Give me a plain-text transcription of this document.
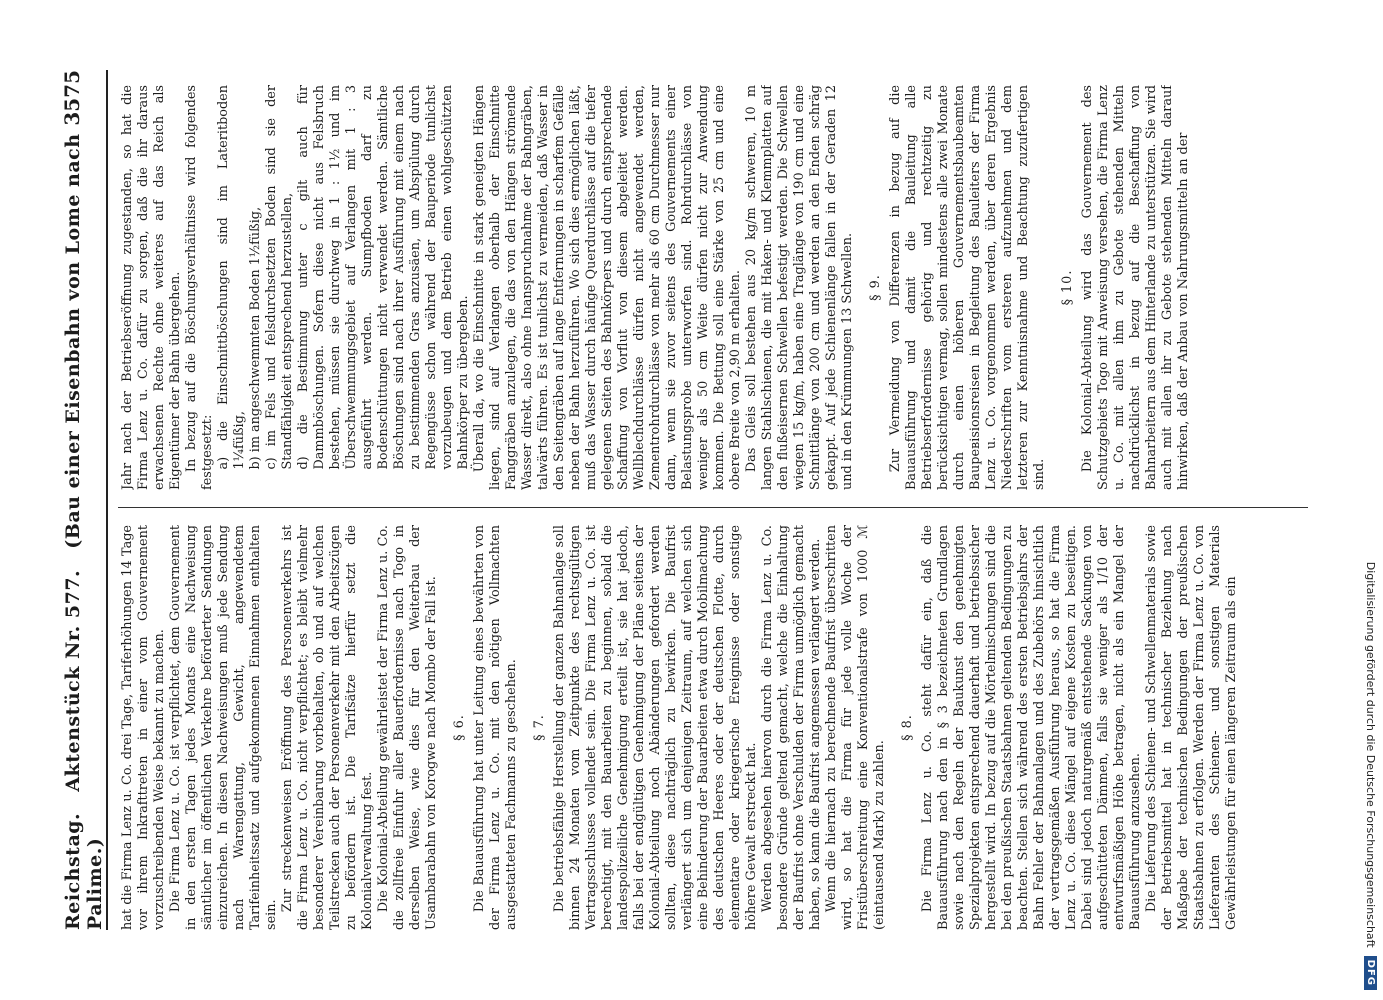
Reichstag. Aktenstück Nr. 577. (Bau einer Eisenbahn von Lome nach Palime.)
3575

hat die Firma Lenz u. Co. drei Tage, Tariferhöhungen 14 Tage vor ihrem Inkrafttreten in einer vom Gouvernement vorzuschreibenden Weise bekannt zu machen. Die Firma Lenz u. Co. ist verpflichtet, dem Gouvernement in den ersten Tagen jedes Monats eine Nachweisung sämtlicher im öffentlichen Verkehre beförderter Sendungen einzureichen. In diesen Nachweisungen muß jede Sendung nach Warengattung, Gewicht, angewendetem Tarifeinheitssatz und aufgekommenen Einnahmen enthalten sein.

Zur streckenweisen Eröffnung des Personenverkehrs ist die Firma Lenz u. Co. nicht verpflichtet; es bleibt vielmehr besonderer Vereinbarung vorbehalten, ob und auf welchen Teilstrecken auch der Personenverkehr mit den Arbeitszügen zu befördern ist. Die Tarifsätze hierfür setzt die Kolonialverwaltung fest. Die Kolonial-Abteilung gewährleistet der Firma Lenz u. Co. die zollfreie Einfuhr aller Bauerfordernisse nach Togo in derselben Weise, wie dies für den Weiterbau der Usambarabahn von Korogwe nach Mombo der Fall ist. § 6. Die Bauausführung hat unter Leitung eines bewährten von der Firma Lenz u. Co. mit den nötigen Vollmachten ausgestatteten Fachmanns zu geschehen. § 7. Die betriebsfähige Herstellung der ganzen Bahnanlage soll binnen 24 Monaten vom Zeitpunkte des rechtsgültigen Vertragsschlusses vollendet sein. Die Firma Lenz u. Co. ist berechtigt, mit den Bauarbeiten zu beginnen, sobald die landespolizeiliche Genehmigung erteilt ist, sie hat jedoch, falls bei der endgültigen Genehmigung der Pläne seitens der Kolonial-Abteilung noch Abänderungen gefordert werden sollten, diese nachträglich zu bewirken. Die Baufrist verlängert sich um denjenigen Zeitraum, auf welchen sich eine Behinderung der Bauarbeiten etwa durch Mobilmachung des deutschen Heeres oder der deutschen Flotte, durch elementare oder kriegerische Ereignisse oder sonstige höhere Gewalt erstreckt hat. Werden abgesehen hiervon durch die Firma Lenz u. Co. besondere Gründe geltend gemacht, welche die Einhaltung der Baufrist ohne Verschulden der Firma unmöglich gemacht haben, so kann die Baufrist angemessen verlängert werden. Wenn die hiernach zu berechnende Baufrist überschritten wird, so hat die Firma für jede volle Woche der Fristüberschreitung eine Konventionalstrafe von 1000 ℳ (eintausend Mark) zu zahlen.

§ 8. Die Firma Lenz u. Co. steht dafür ein, daß die Bauausführung nach den in § 3 bezeichneten Grundlagen sowie nach den Regeln der Baukunst den genehmigten Spezialprojekten entsprechend dauerhaft und betriebssicher hergestellt wird. In bezug auf die Mörtelmischungen sind die bei den preußischen Staatsbahnen geltenden Bedingungen zu beachten. Stellen sich während des ersten Betriebsjahrs der Bahn Fehler der Bahnanlagen und des Zubehörs hinsichtlich der vertragsgemäßen Ausführung heraus, so hat die Firma Lenz u. Co. diese Mängel auf eigene Kosten zu beseitigen. Dabei sind jedoch naturgemäß entstehende Sackungen von aufgeschütteten Dämmen, falls sie weniger als 1/10 der entwurfsmäßigen Höhe betragen, nicht als ein Mangel der Bauausführung anzusehen. Die Lieferung des Schienen- und Schwellenmaterials sowie der Betriebsmittel hat in technischer Beziehung nach Maßgabe der technischen Bedingungen der preußischen Staatsbahnen zu erfolgen. Werden der Firma Lenz u. Co. von Lieferanten des Schienen- und sonstigen Materials Gewährleistungen für einen längeren Zeitraum als ein

Jahr nach der Betriebseröffnung zugestanden, so hat die Firma Lenz u. Co. dafür zu sorgen, daß die ihr daraus erwachsenen Rechte ohne weiteres auf das Reich als Eigentümer der Bahn übergehen. In bezug auf die Böschungsverhältnisse wird folgendes festgesetzt: a) die Einschnittböschungen sind im Lateritboden 1¼füßig, b) im angeschwemmten Boden 1½füßig, c) im Fels und felsdurchsetzten Boden sind sie der Standfähigkeit entsprechend herzustellen, d) die Bestimmung unter c gilt auch für Dammböschungen. Sofern diese nicht aus Felsbruch bestehen, müssen sie durchweg in 1 : 1½ und im Überschwemmungsgebiet auf Verlangen mit 1 : 3 ausgeführt werden. Sumpfboden darf zu Bodenschüttungen nicht verwendet werden. Sämtliche Böschungen sind nach ihrer Ausführung mit einem nach zu bestimmenden Gras anzusäen, um Abspülung durch Regengüsse schon während der Bauperiode tunlichst vorzubeugen und dem Betrieb einen wohlgeschützten Bahnkörper zu übergeben. Überall da, wo die Einschnitte in stark geneigten Hängen liegen, sind auf Verlangen oberhalb der Einschnitte Fanggräben anzulegen, die das von den Hängen strömende Wasser direkt, also ohne Inanspruchnahme der Bahngräben, talwärts führen. Es ist tunlichst zu vermeiden, daß Wasser in den Seitengräben auf lange Entfernungen in scharfem Gefälle neben der Bahn herzuführen. Wo sich dies ermöglichen läßt, muß das Wasser durch häufige Querdurchlässe auf die tiefer gelegenen Seiten des Bahnkörpers und durch entsprechende Schaffung von Vorflut von diesem abgeleitet werden. Wellblechdurchlässe dürfen nicht angewendet werden, Zementrohrdurchlässe von mehr als 60 cm Durchmesser nur dann, wenn sie zuvor seitens des Gouvernements einer Belastungsprobe unterworfen sind. Rohrdurchlässe von weniger als 50 cm Weite dürfen nicht zur Anwendung kommen. Die Bettung soll eine Stärke von 25 cm und eine obere Breite von 2,90 m erhalten. Das Gleis soll bestehen aus 20 kg/m schweren, 10 m langen Stahlschienen, die mit Haken- und Klemmplatten auf den flußeisernen Schwellen befestigt werden. Die Schwellen wiegen 15 kg/m, haben eine Traglänge von 190 cm und eine Schnittlänge von 200 cm und werden an den Enden schräg gekappt. Auf jede Schienenlänge fallen in der Geraden 12 und in den Krümmungen 13 Schwellen. § 9. Zur Vermeidung von Differenzen in bezug auf die Bauausführung und damit die Bauleitung alle Betriebserfordernisse gehörig und rechtzeitig zu berücksichtigen vermag, sollen mindestens alle zwei Monate durch einen höheren Gouvernementsbaubeamten Bauревisionsreisen in Begleitung des Bauleiters der Firma Lenz u. Co. vorgenommen werden, über deren Ergebnis Niederschriften vom ersteren aufzunehmen und dem letzteren zur Kenntnisnahme und Beachtung zuzufertigen sind.

§ 10. Die Kolonial-Abteilung wird das Gouvernement des Schutzgebiets Togo mit Anweisung versehen, die Firma Lenz u. Co. mit allen ihm zu Gebote stehenden Mitteln nachdrücklichst in bezug auf die Beschaffung von Bahnarbeitern aus dem Hinterlande zu unterstützen. Sie wird auch mit allen ihr zu Gebote stehenden Mitteln darauf hinwirken, daß der Anbau von Nahrungsmitteln an der

Digitalisierung gefördert durch die Deutsche Forschungsgemeinschaft
DFG
